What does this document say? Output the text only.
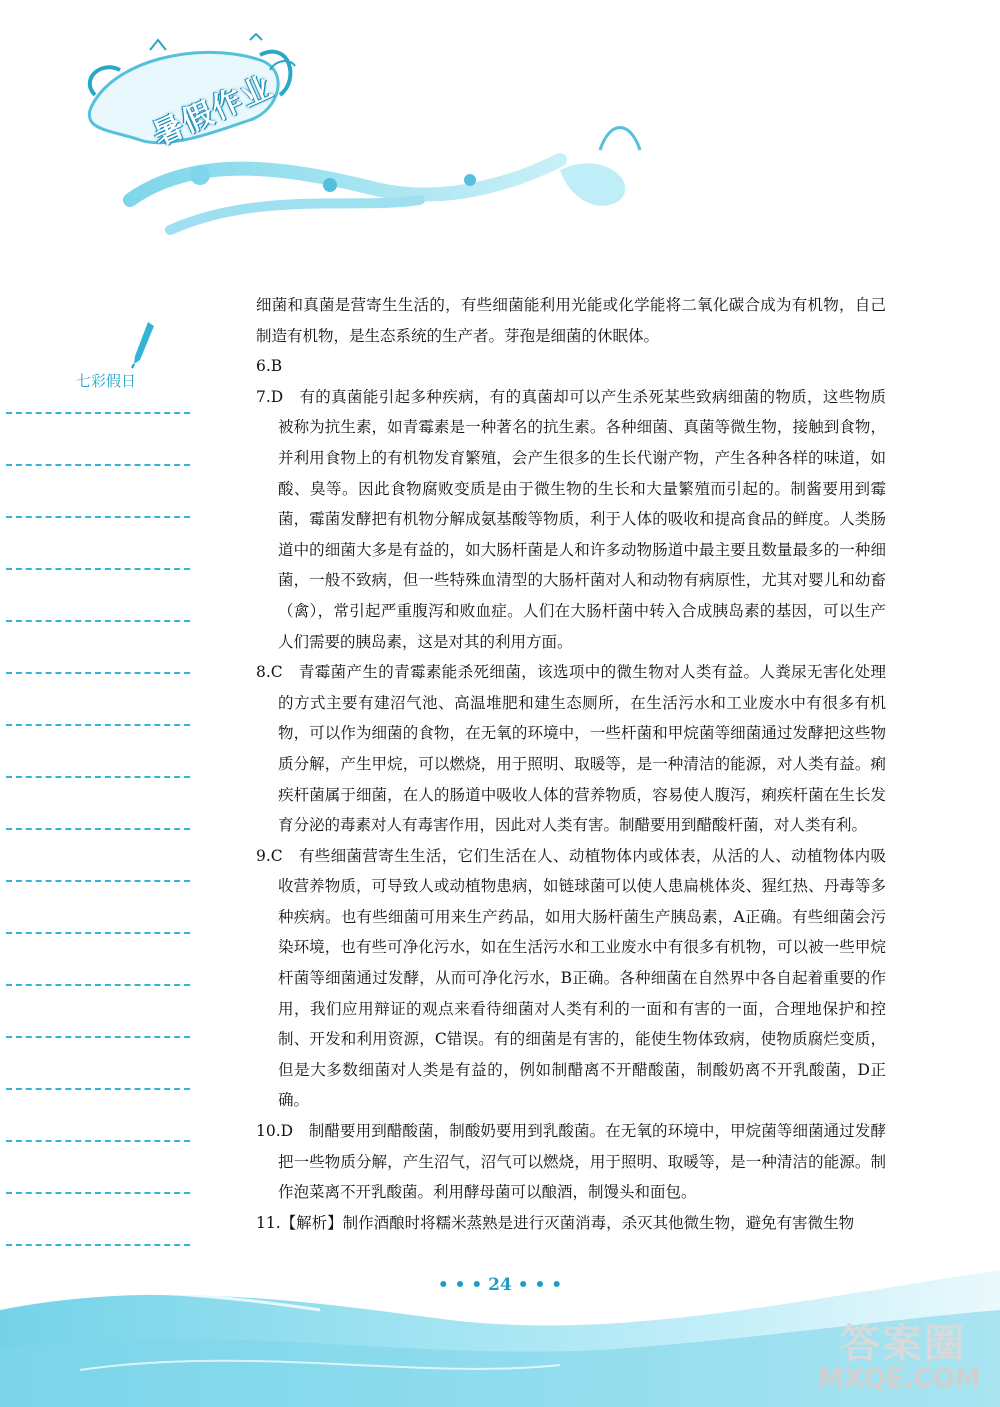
暑假作业
七彩假日

细菌和真菌是营寄生生活的，有些细菌能利用光能或化学能将二氧化碳合成为有机物，自己制造有机物，是生态系统的生产者。芽孢是细菌的休眠体。

6.B

7.D　有的真菌能引起多种疾病，有的真菌却可以产生杀死某些致病细菌的物质，这些物质被称为抗生素，如青霉素是一种著名的抗生素。各种细菌、真菌等微生物，接触到食物，并利用食物上的有机物发育繁殖，会产生很多的生长代谢产物，产生各种各样的味道，如酸、臭等。因此食物腐败变质是由于微生物的生长和大量繁殖而引起的。制酱要用到霉菌，霉菌发酵把有机物分解成氨基酸等物质，利于人体的吸收和提高食品的鲜度。人类肠道中的细菌大多是有益的，如大肠杆菌是人和许多动物肠道中最主要且数量最多的一种细菌，一般不致病，但一些特殊血清型的大肠杆菌对人和动物有病原性，尤其对婴儿和幼畜（禽），常引起严重腹泻和败血症。人们在大肠杆菌中转入合成胰岛素的基因，可以生产人们需要的胰岛素，这是对其的利用方面。

8.C　青霉菌产生的青霉素能杀死细菌，该选项中的微生物对人类有益。人粪尿无害化处理的方式主要有建沼气池、高温堆肥和建生态厕所，在生活污水和工业废水中有很多有机物，可以作为细菌的食物，在无氧的环境中，一些杆菌和甲烷菌等细菌通过发酵把这些物质分解，产生甲烷，可以燃烧，用于照明、取暖等，是一种清洁的能源，对人类有益。痢疾杆菌属于细菌，在人的肠道中吸收人体的营养物质，容易使人腹泻，痢疾杆菌在生长发育分泌的毒素对人有毒害作用，因此对人类有害。制醋要用到醋酸杆菌，对人类有利。

9.C　有些细菌营寄生生活，它们生活在人、动植物体内或体表，从活的人、动植物体内吸收营养物质，可导致人或动植物患病，如链球菌可以使人患扁桃体炎、猩红热、丹毒等多种疾病。也有些细菌可用来生产药品，如用大肠杆菌生产胰岛素，A正确。有些细菌会污染环境，也有些可净化污水，如在生活污水和工业废水中有很多有机物，可以被一些甲烷杆菌等细菌通过发酵，从而可净化污水，B正确。各种细菌在自然界中各自起着重要的作用，我们应用辩证的观点来看待细菌对人类有利的一面和有害的一面，合理地保护和控制、开发和利用资源，C错误。有的细菌是有害的，能使生物体致病，使物质腐烂变质，但是大多数细菌对人类是有益的，例如制醋离不开醋酸菌，制酸奶离不开乳酸菌，D正确。

10.D　制醋要用到醋酸菌，制酸奶要用到乳酸菌。在无氧的环境中，甲烷菌等细菌通过发酵把一些物质分解，产生沼气，沼气可以燃烧，用于照明、取暖等，是一种清洁的能源。制作泡菜离不开乳酸菌。利用酵母菌可以酿酒，制馒头和面包。

11.【解析】制作酒酿时将糯米蒸熟是进行灭菌消毒，杀灭其他微生物，避免有害微生物

• • • 24 • • •
答案圈
MXQE.COM
